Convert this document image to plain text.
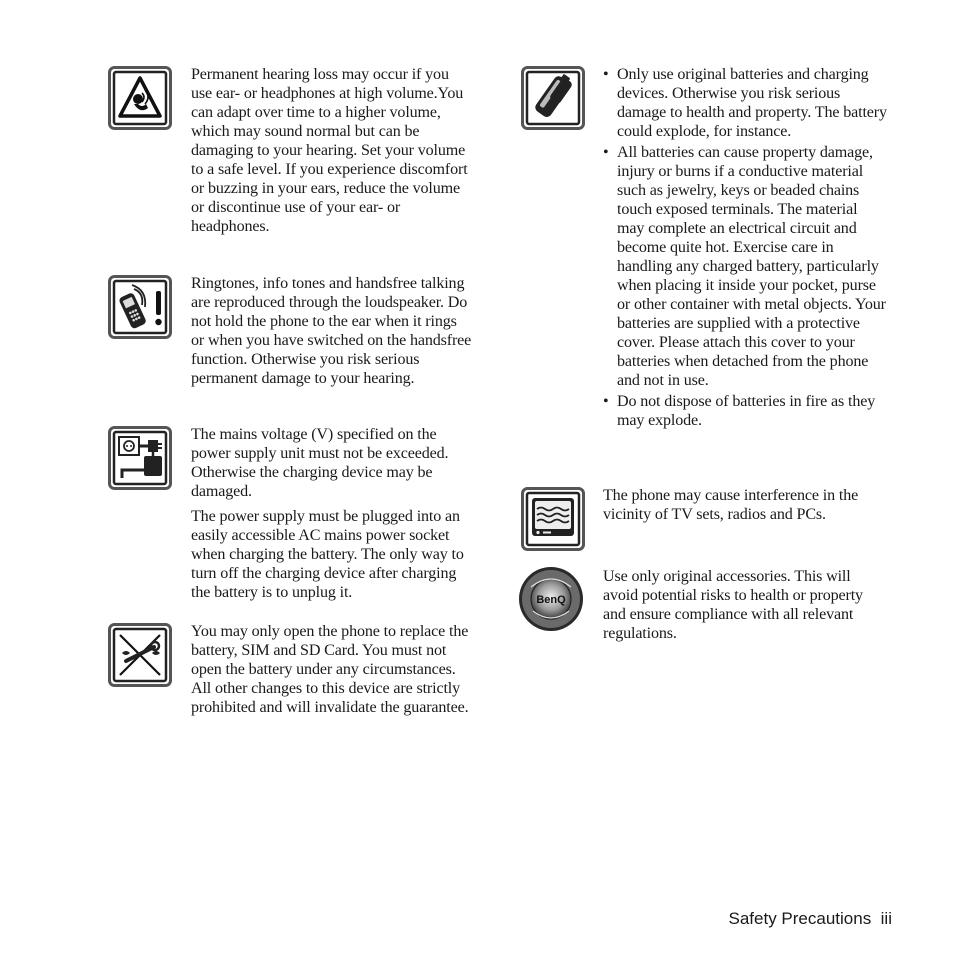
Permanent hearing loss may occur if you use ear- or headphones at high volume.You can adapt over time to a higher volume, which may sound normal but can be damaging to your hearing. Set your volume to a safe level. If you experience discomfort or buzzing in your ears, reduce the volume or discontinue use of your ear- or headphones.

Ringtones, info tones and handsfree talking are reproduced through the loudspeaker. Do not hold the phone to the ear when it rings or when you have switched on the handsfree function. Otherwise you risk serious permanent damage to your hearing.

The mains voltage (V) specified on the power supply unit must not be exceeded. Otherwise the charging device may be damaged.

The power supply must be plugged into an easily accessible AC mains power socket when charging the battery. The only way to turn off the charging device after charging the battery is to unplug it.

You may only open the phone to replace the battery, SIM and SD Card. You must not open the battery under any circumstances. All other changes to this device are strictly prohibited and will invalidate the guarantee.

• Only use original batteries and charging devices. Otherwise you risk serious damage to health and property. The battery could explode, for instance.
• All batteries can cause property damage, injury or burns if a conductive material such as jewelry, keys or beaded chains touch exposed terminals. The material may complete an electrical circuit and become quite hot. Exercise care in handling any charged battery, particularly when placing it inside your pocket, purse or other container with metal objects. Your batteries are supplied with a protective cover. Please attach this cover to your batteries when detached from the phone and not in use.
• Do not dispose of batteries in fire as they may explode.

The phone may cause interference in the vicinity of TV sets, radios and PCs.

BenQ

Use only original accessories. This will avoid potential risks to health or property and ensure compliance with all relevant regulations.

Safety Precautions iii
